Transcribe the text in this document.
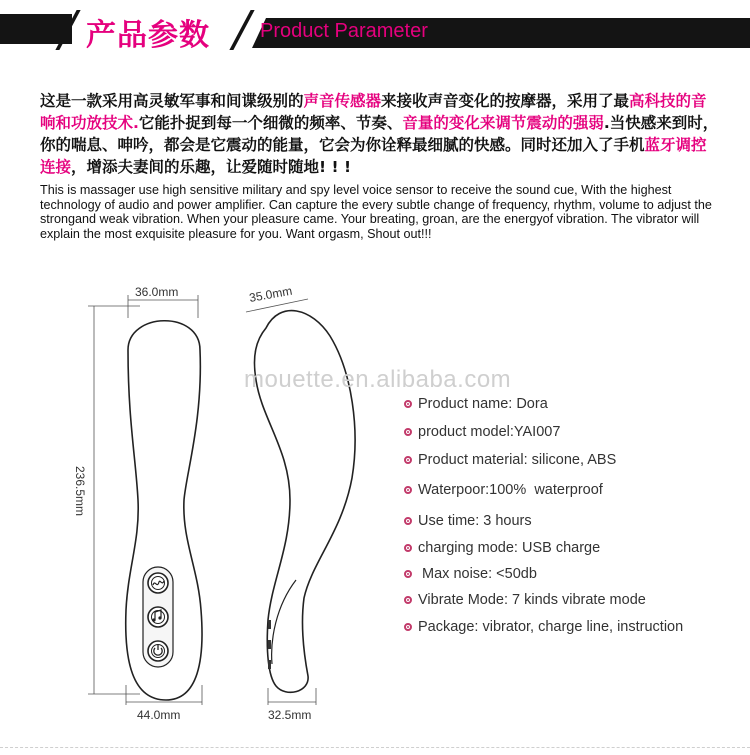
产品参数	Product Parameter
这是一款采用高灵敏军事和间谍级别的声音传感器来接收声音变化的按摩器，采用了最高科技的音响和功放技术.它能扑捉到每一个细微的频率、节奏、音量的变化来调节震动的强弱.当快感来到时，你的喘息、呻吟，都会是它震动的能量，它会为你诠释最细腻的快感。同时还加入了手机蓝牙调控连接，增添夫妻间的乐趣，让爱随时随地! ! !
This is massager use high sensitive military and spy level voice sensor to receive the sound cue, With the highest technology of audio and power amplifier. Can capture the every subtle change of frequency, rhythm, volume to adjust the strongand weak vibration. When your pleasure came. Your breating, groan, are the energyof vibration. The vibrator will explain the most exquisite pleasure for you. Want orgasm, Shout out!!!
36.0mm
44.0mm
236.5mm
35.0mm
32.5mm
mouette.en.alibaba.com
Product name: Dora
product model:YAI007
Product material: silicone, ABS
Waterpoor:100%  waterproof
Use time: 3 hours
charging mode: USB charge
Max noise: <50db
Vibrate Mode: 7 kinds vibrate mode
Package: vibrator, charge line, instruction
